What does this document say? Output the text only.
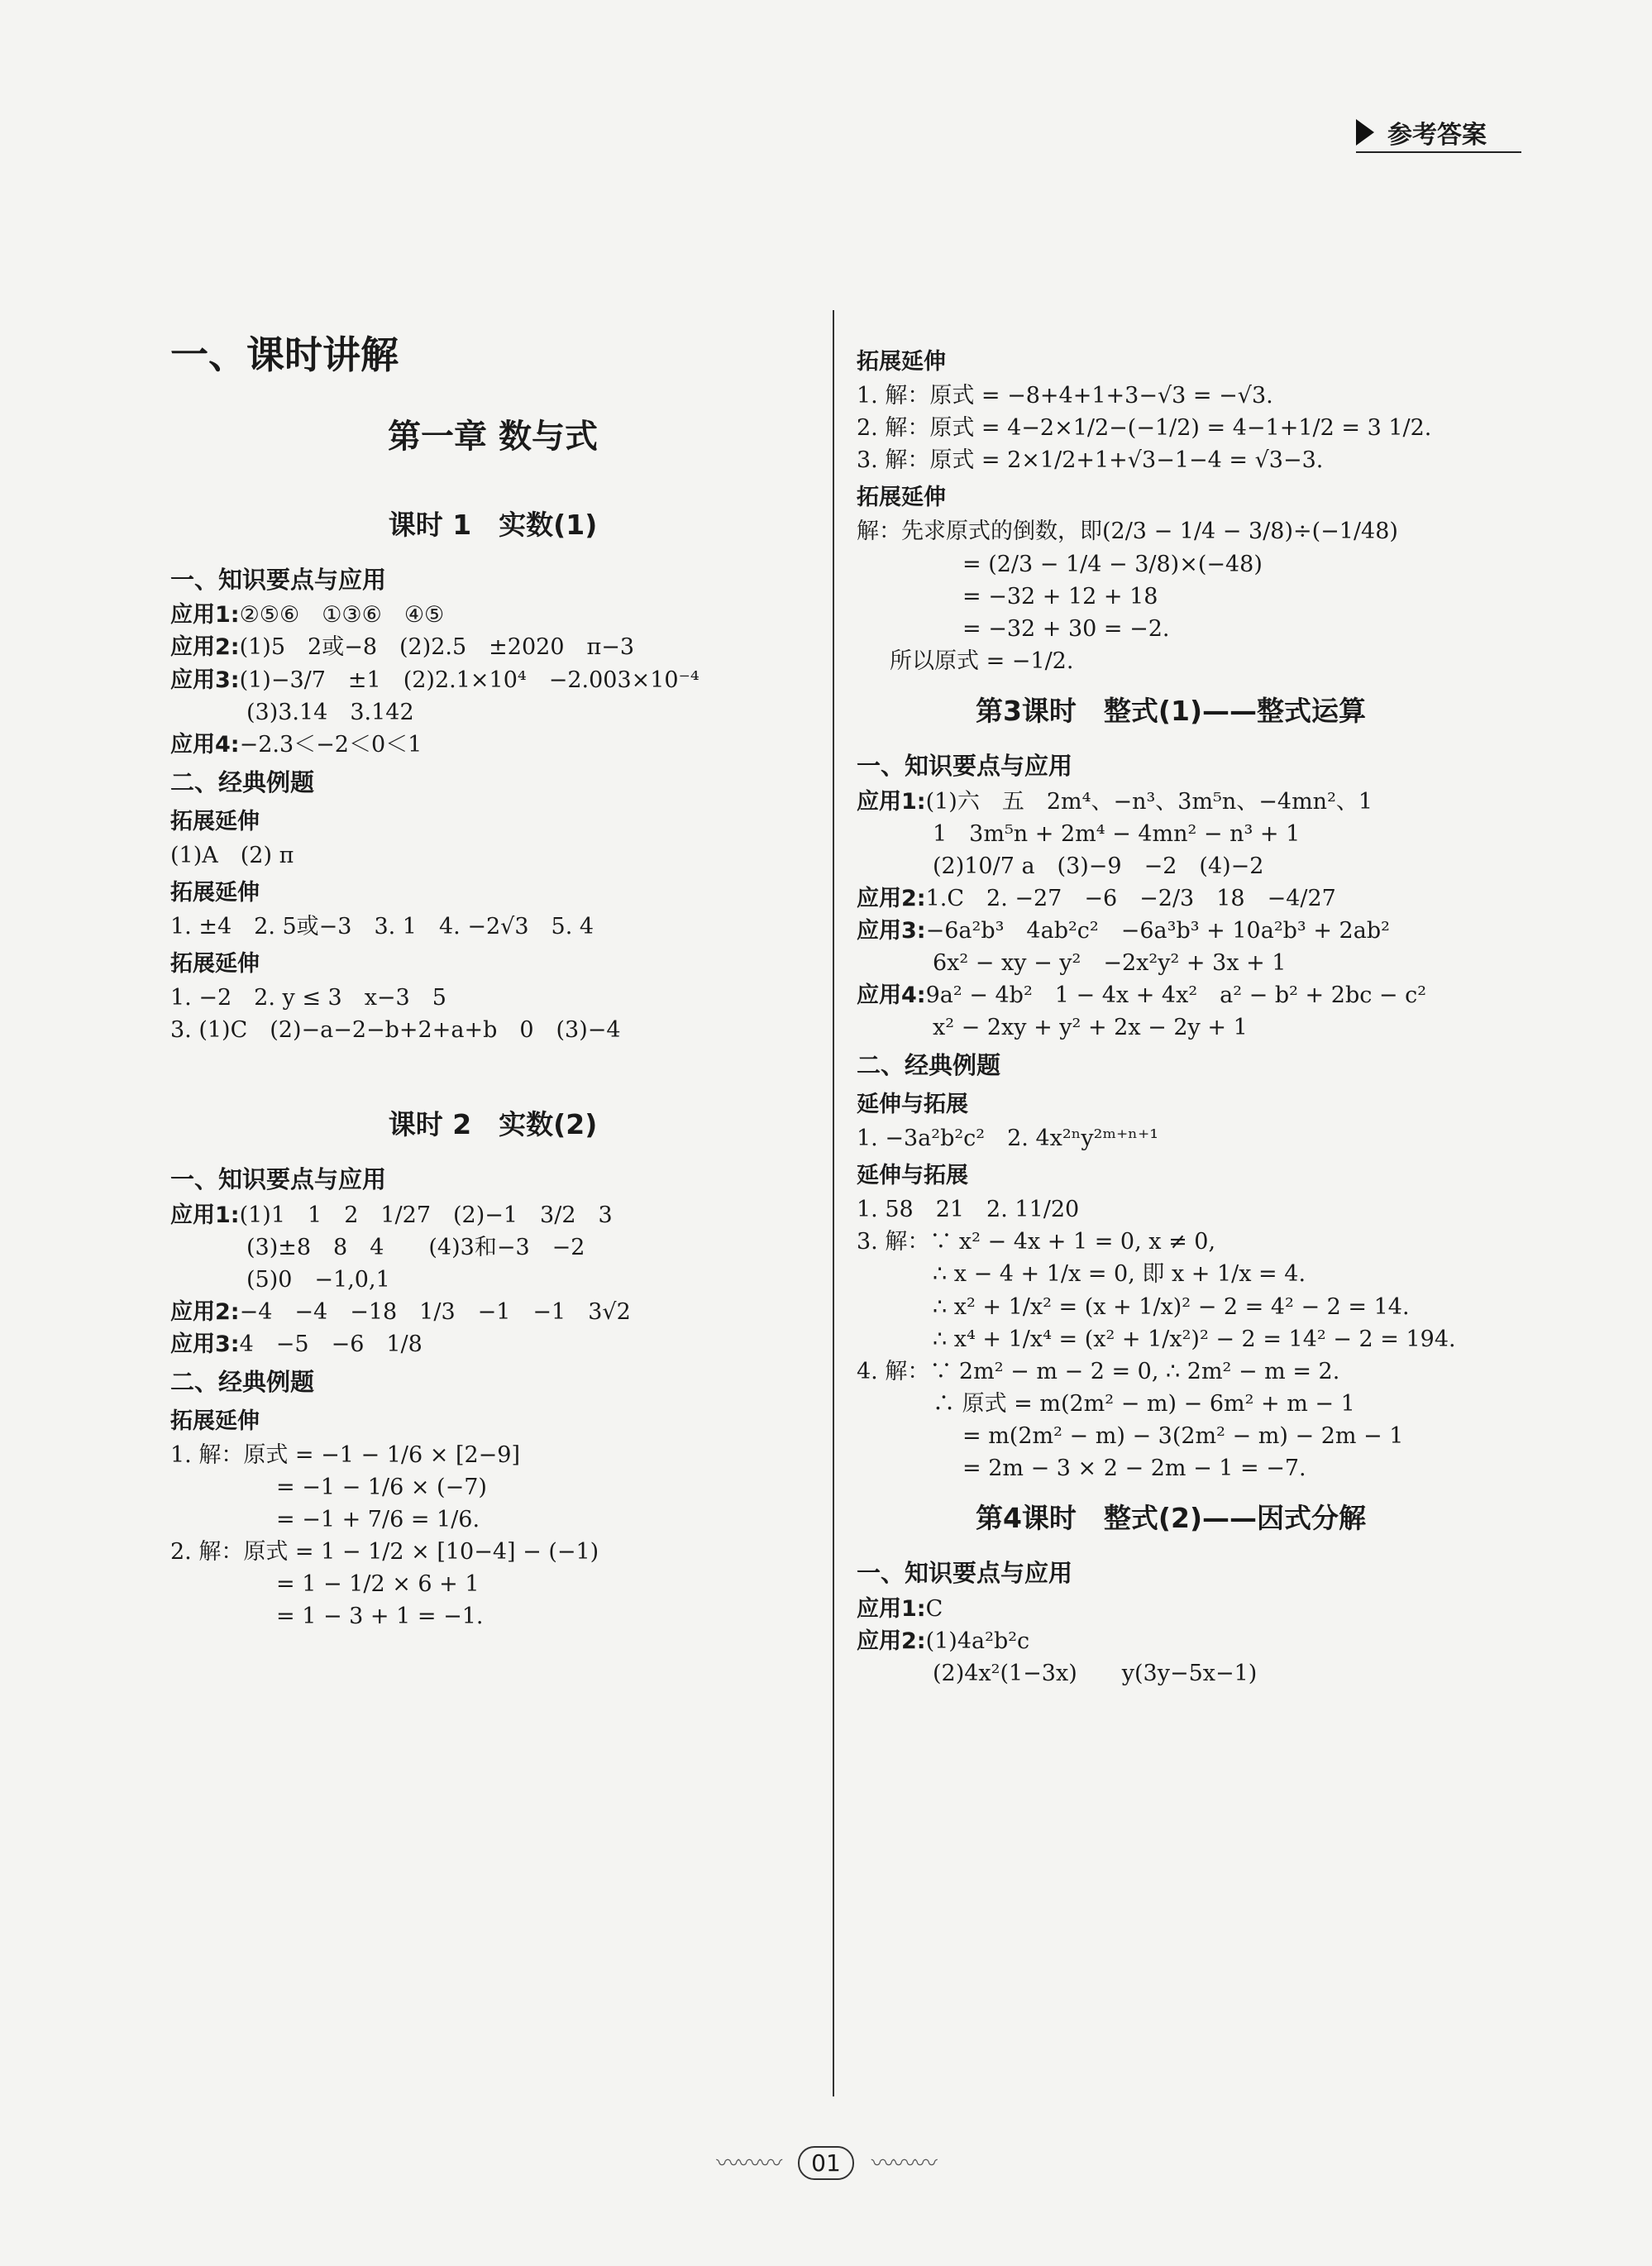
参考答案
一、课时讲解
第一章 数与式
课时 1　实数(1)
一、知识要点与应用
应用1:②⑤⑥　①③⑥　④⑤
应用2:(1)5　2或−8　(2)2.5　±2020　π−3
应用3:(1)−3/7　±1　(2)2.1×10⁴　−2.003×10⁻⁴
(3)3.14　3.142
应用4:−2.3＜−2＜0＜1
二、经典例题
拓展延伸
(1)A　(2) π
拓展延伸
1. ±4　2. 5或−3　3. 1　4. −2√3　5. 4
拓展延伸
1. −2　2. y ≤ 3　x−3　5
3. (1)C　(2)−a−2−b+2+a+b　0　(3)−4
课时 2　实数(2)
一、知识要点与应用
应用1:(1)1　1　2　1/27　(2)−1　3/2　3
(3)±8　8　4　　(4)3和−3　−2
(5)0　−1,0,1
应用2:−4　−4　−18　1/3　−1　−1　3√2
应用3:4　−5　−6　1/8
二、经典例题
拓展延伸
1. 解：原式 = −1 − 1/6 × [2−9]
= −1 − 1/6 × (−7)
= −1 + 7/6 = 1/6.
2. 解：原式 = 1 − 1/2 × [10−4] − (−1)
= 1 − 1/2 × 6 + 1
= 1 − 3 + 1 = −1.
拓展延伸
1. 解：原式 = −8+4+1+3−√3 = −√3.
2. 解：原式 = 4−2×1/2−(−1/2) = 4−1+1/2 = 3 1/2.
3. 解：原式 = 2×1/2+1+√3−1−4 = √3−3.
拓展延伸
解：先求原式的倒数，即(2/3 − 1/4 − 3/8)÷(−1/48)
= (2/3 − 1/4 − 3/8)×(−48)
= −32 + 12 + 18
= −32 + 30 = −2.
所以原式 = −1/2.
第3课时　整式(1)——整式运算
一、知识要点与应用
应用1:(1)六　五　2m⁴、−n³、3m⁵n、−4mn²、1
1　3m⁵n + 2m⁴ − 4mn² − n³ + 1
(2)10/7 a　(3)−9　−2　(4)−2
应用2:1.C　2. −27　−6　−2/3　18　−4/27
应用3:−6a²b³　4ab²c²　−6a³b³ + 10a²b³ + 2ab²
6x² − xy − y²　−2x²y² + 3x + 1
应用4:9a² − 4b²　1 − 4x + 4x²　a² − b² + 2bc − c²
x² − 2xy + y² + 2x − 2y + 1
二、经典例题
延伸与拓展
1. −3a²b²c²　2. 4x²ⁿy²ᵐ⁺ⁿ⁺¹
延伸与拓展
1. 58　21　2. 11/20
3. 解：∵ x² − 4x + 1 = 0, x ≠ 0,
∴ x − 4 + 1/x = 0, 即 x + 1/x = 4.
∴ x² + 1/x² = (x + 1/x)² − 2 = 4² − 2 = 14.
∴ x⁴ + 1/x⁴ = (x² + 1/x²)² − 2 = 14² − 2 = 194.
4. 解：∵ 2m² − m − 2 = 0, ∴ 2m² − m = 2.
∴ 原式 = m(2m² − m) − 6m² + m − 1
= m(2m² − m) − 3(2m² − m) − 2m − 1
= 2m − 3 × 2 − 2m − 1 = −7.
第4课时　整式(2)——因式分解
一、知识要点与应用
应用1:C
应用2:(1)4a²b²c
(2)4x²(1−3x)　　y(3y−5x−1)
〰〰〰 01 〰〰〰
